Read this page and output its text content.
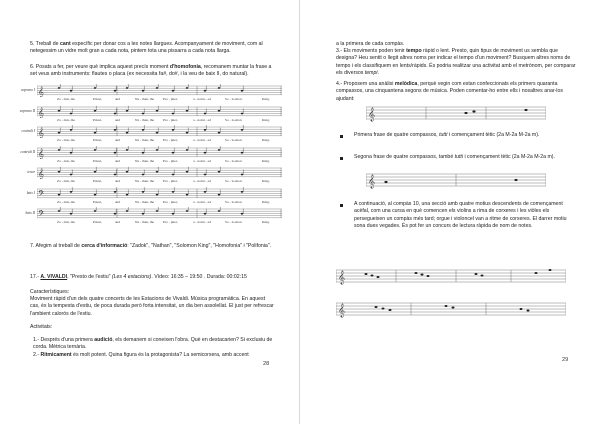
5. Treball de cant específic per donar cos a les notes llargues. Acompanyament de moviment, com al netegessim un vidre molt gran a cada nota, pintem tota una pissarra a cada nota llarga.
6. Posats a fer, per veure què implica aquest precís moment d'homofonia, recomanem muntar la frase a set veus amb instruments: flautes o placa (ex necessita fa#, do#, i la veu de baix II, do natural).
soprano I 𝄞
Za - dok, the	Priest,	and	Na - than, the	Pro - phet,	a - noint - ed	So - lo-mon	King.
soprano II 𝄞
Za - dok, the	Priest,	and	Na - than, the	Pro - phet,	a - noint - ed	So - lo-mon	King.
contralt I 𝄞
Za - dok, the	Priest,	and	Na - than, the	Pro - phet,	a - noint - ed	So - lo-mon	King.
contralt II 𝄞
Za - dok, the	Priest,	and	Na - than, the	Pro - phet,	a - noint - ed	So - lo-mon	King.
tenor 𝄞
Za - dok, the	Priest,	and	Na - than, the	Pro - phet,	a - noint - ed	So - lo-mon	King.
baix I 𝄢
Za - dok, the	Priest,	and	Na - than, the	Pro - phet,	a - noint - ed	So - lo-mon	King.
baix II 𝄢
Za - dok, the	Priest,	and	Na - than, the	Pro - phet,	a - noint - ed	So - lo-mon	King.
7. Afegim al treball de cerca d'informació: "Zadok", "Nathan", "Solomon King", "Homofonia" i "Polifonia".
17.- A. VIVALDI, "Presto de l'estiu" (Les 4 estacions). Vídeo: 16:35 – 19:50 . Durada: 00:02:15
Característiques:
Moviment ràpid d'un dels quatre concerts de les Estacions de Vivaldi. Música programàtica. En aquest cas, és la tempesta d'estiu, de poca durada però forta intensitat, un dia ben assolellat. El just per refrescar l'ambient calorós de l'estiu.
Activitats:
1.- Després d'una primera audició, els demanem si coneixen l'obra. Què en destacarien? Si exclusiu de corda. Mètrica ternària.
2.- Ritmicament és molt potent. Quina figura és la protagonista? La semicorxera, amb accent
28
a la primera de cada compàs.
3.- Els moviments poden tenir tempo ràpid o lent. Presto, quin tipus de moviment us sembla que designa? Heu sentit o llegit altres noms per indicar el tempo d'un moviment? Busquem altres noms de tempo i els classifiquem en lents/ràpids. És podria realitzar una activitat amb el metrònom, per comparar els diversos tempi.
4.- Proposem una anàlisi melòdica, perquè vegin com estan confeccionats els primers quaranta compassos, una cinquantena segons de música. Poden comentar-ho entre ells i nosaltres anar-los ajudant:
𝄞
Primera frase de quatre compassos, tutti i començament tètic (2a M-2a M-2a m).
Segona frase de quatre compassos, també tutti i començament tètic (2a M-2a M-2a m).
𝄞
A continuació, al compàs 10, una secció amb quatre motius descendents de començament acèfal, com una cursa en què comencen els violins a rima de corxeres i les viòles els persegueixen un compàs més tard; orgue i violoncel van a ritme de corxeres. El darrer motiu sona dues vegades. És pot fer un concurs de lectura ràpida de nom de notes.
𝄞
𝄞
29
